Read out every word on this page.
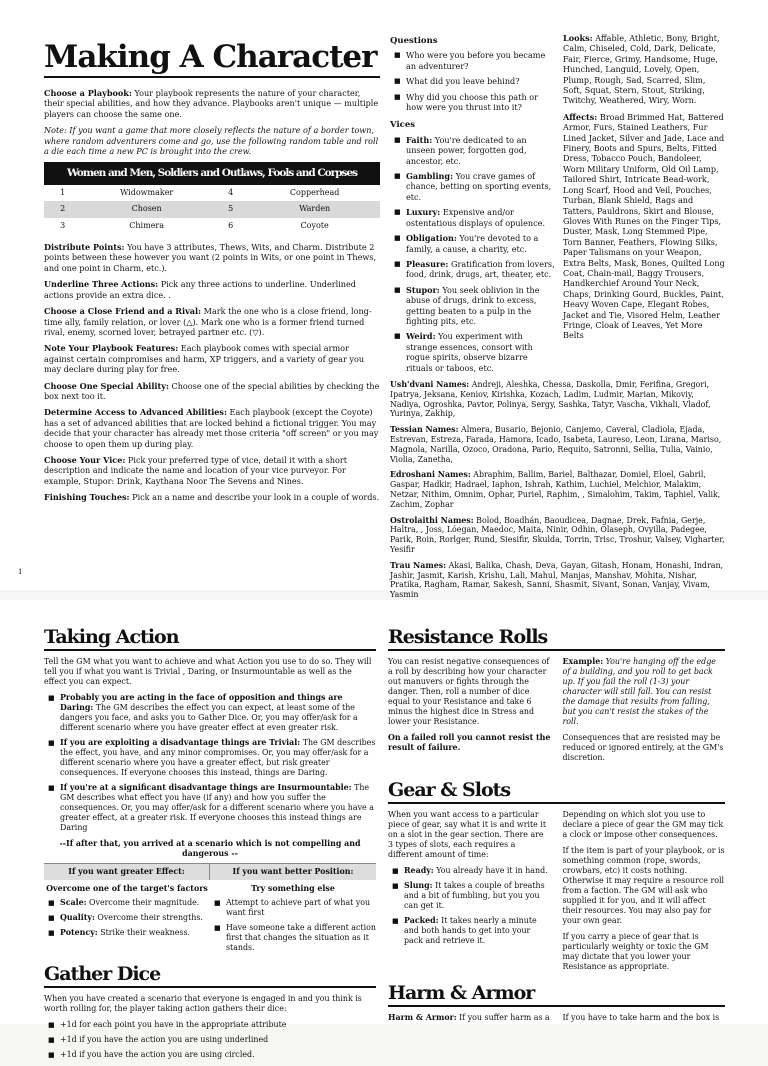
Making A Character

Choose a Playbook: Your playbook represents the nature of your character, their special abilities, and how they advance. Playbooks aren't unique — multiple players can choose the same one.

Note: If you want a game that more closely reflects the nature of a border town, where random adventurers come and go, use the following random table and roll a die each time a new PC is brought into the crew.

Women and Men, Soldiers and Outlaws, Fools and Corpses
1	Widowmaker	4	Copperhead
2	Chosen	5	Warden
3	Chimera	6	Coyote

Distribute Points: You have 3 attributes, Thews, Wits, and Charm. Distribute 2 points between these however you want (2 points in Wits, or one point in Thews, and one point in Charm, etc.).

Underline Three Actions: Pick any three actions to underline. Underlined actions provide an extra dice. .

Choose a Close Friend and a Rival: Mark the one who is a close friend, long-time ally, family relation, or lover (△). Mark one who is a former friend turned rival, enemy, scorned lover, betrayed partner etc. (▽).

Note Your Playbook Features: Each playbook comes with special armor against certain compromises and harm, XP triggers, and a variety of gear you may declare during play for free.

Choose One Special Ability: Choose one of the special abilities by checking the box next too it.

Determine Access to Advanced Abilities: Each playbook (except the Coyote) has a set of advanced abilities that are locked behind a fictional trigger. You may decide that your character has already met those criteria "off screen" or you may choose to open them up during play.

Choose Your Vice: Pick your preferred type of vice, detail it with a short description and indicate the name and location of your vice purveyor. For example, Stupor: Drink, Kaythana Noor The Sevens and Nines.

Finishing Touches: Pick an a name and describe your look in a couple of words.

Questions
■ Who were you before you became an adventurer?
■ What did you leave behind?
■ Why did you choose this path or how were you thrust into it?
Vices
■ Faith: You're dedicated to an unseen power, forgotten god, ancestor, etc.
■ Gambling: You crave games of chance, betting on sporting events, etc.
■ Luxury: Expensive and/or ostentatious displays of opulence.
■ Obligation: You're devoted to a family, a cause, a charity, etc.
■ Pleasure: Gratification from lovers, food, drink, drugs, art, theater, etc.
■ Stupor: You seek oblivion in the abuse of drugs, drink to excess, getting beaten to a pulp in the fighting pits, etc.
■ Weird: You experiment with strange essences, consort with rogue spirits, observe bizarre rituals or taboos, etc.

Looks: Affable, Athletic, Bony, Bright, Calm, Chiseled, Cold, Dark, Delicate, Fair, Fierce, Grimy, Handsome, Huge, Hunched, Languid, Lovely, Open, Plump, Rough, Sad, Scarred, Slim, Soft, Squat, Stern, Stout, Striking, Twitchy, Weathered, Wiry, Worn.

Affects: Broad Brimmed Hat, Battered Armor, Furs, Stained Leathers, Fur Lined Jacket, Silver and Jade, Lace and Finery, Boots and Spurs, Belts, Fitted Dress, Tobacco Pouch, Bandoleer, Worn Military Uniform, Old Oil Lamp, Tailored Shirt, Intricate Bead-work, Long Scarf, Hood and Veil, Pouches, Turban, Blank Shield, Rags and Tatters, Pauldrons, Skirt and Blouse, Gloves With Runes on the Finger Tips, Duster, Mask, Long Stemmed Pipe, Torn Banner, Feathers, Flowing Silks, Paper Talismans on your Weapon, Extra Belts, Mask, Bones, Quilted Long Coat, Chain-mail, Baggy Trousers, Handkerchief Around Your Neck, Chaps, Drinking Gourd, Buckles, Paint, Heavy Woven Cape, Elegant Robes, Jacket and Tie, Visored Helm, Leather Fringe, Cloak of Leaves, Yet More Belts

Ush'dvani Names: Andreji, Aleshka, Chessa, Daskolla, Dmir, Ferifina, Gregori, Ipatrya, Jeksana, Keniov, Kirishka, Kozach, Ladim, Ludmir, Marian, Mikoviy, Nadiya, Ogroshka, Pavtor, Polinya, Sergy, Sashka, Tatyr, Vascha, Vikhali, Vladof, Yurinya, Zakhip,

Tessian Names: Almera, Busario, Bejonio, Canjemo, Caveral, Cladiola, Ejada, Estrevan, Estreza, Farada, Hamora, Icado, Isabeta, Laureso, Leon, Lirana, Mariso, Magnola, Narilla, Ozoco, Oradona, Pario, Requito, Satronni, Sellia, Tulia, Vainio, Violia, Zanetha,

Edroshani Names: Abraphim, Ballim, Bariel, Balthazar, Domiel, Eloel, Gabril, Gaspar, Hadkir, Hadrael, Iaphon, Ishrah, Kathim, Luchiel, Melchior, Malakim, Netzar, Nithim, Omnim, Ophar, Puriel, Raphim, , Simalohim, Takim, Taphiel, Valik, Zachim, Zophar

Ostrolaithi Names: Bolod, Boadhán, Baoudicea, Dagnae, Drek, Fafnia, Gerje, Haltra, , Joss, Lóegan, Maedoc, Maita, Ninir, Odhin, Olaseph, Ovyilla, Padegee, Parik, Roin, Rorlger, Rund, Siesifir, Skulda, Torrin, Trisc, Troshur, Valsey, Vigharter, Yesifir

Trau Names: Akasi, Balika, Chash, Deva, Gayan, Gitash, Honam, Honashi, Indran, Jashir, Jasmit, Karish, Krishu, Lali, Mahul, Manjas, Manshav, Mohita, Nishar, Pratika, Ragham, Ramar, Sakesh, Sanni, Shasmit, Sivant, Sonan, Vanjay, Vivam, Yasmin

1
Taking Action

Tell the GM what you want to achieve and what Action you use to do so. They will tell you if what you want is Trivial , Daring, or Insurmountable as well as the effect you can expect.

■ Probably you are acting in the face of opposition and things are Daring: The GM describes the effect you can expect, at least some of the dangers you face, and asks you to Gather Dice. Or, you may offer/ask for a different scenario where you have greater effect at even greater risk.
■ If you are exploiting a disadvantage things are Trivial: The GM describes the effect, you have, and any minor compromises. Or, you may offer/ask for a different scenario where you have a greater effect, but risk greater consequences. If everyone chooses this instead, things are Daring.
■ If you're at a significant disadvantage things are Insurmountable: The GM describes what effect you have (if any) and how you suffer the consequences. Or, you may offer/ask for a different scenario where you have a greater effect, at a greater risk. If everyone chooses this instead things are Daring
--If after that, you arrived at a scenario which is not compelling and dangerous --
If you want greater Effect:
Overcome one of the target's factors
■ Scale: Overcome their magnitude.
■ Quality: Overcome their strengths.
■ Potency: Strike their weakness.
If you want better Position:
Try something else
■ Attempt to achieve part of what you want first
■ Have someone take a different action first that changes the situation as it stands.
Gather Dice

When you have created a scenario that everyone is engaged in and you think is worth rolling for, the player taking action gathers their dice:

■ +1d for each point you have in the appropriate attribute
■ +1d if you have the action you are using underlined
■ +1d if you have the action you are using circled.
Resistance Rolls

You can resist negative consequences of a roll by describing how your character out manuvers or fights through the danger. Then, roll a number of dice equal to your Resistance and take 6 minus the highest dice in Stress and lower your Resistance.

On a failed roll you cannot resist the result of failure.

Example: You're hanging off the edge of a building, and you roll to get back up. If you fail the roll (1-3) your character will still fall. You can resist the damage that results from falling, but you can't resist the stakes of the roll.

Consequences that are resisted may be reduced or ignored entirely, at the GM's discretion.

Gear & Slots

When you want access to a particular piece of gear, say what it is and write it on a slot in the gear section. There are 3 types of slots, each requires a different amount of time:

■ Ready: You already have it in hand.
■ Slung: It takes a couple of breaths and a bit of fumbling, but you you can get it.
■ Packed: It takes nearly a minute and both hands to get into your pack and retrieve it.

Depending on which slot you use to declare a piece of gear the GM may tick a clock or impose other consequences.

If the item is part of your playbook, or is something common (rope, swords, crowbars, etc) it costs nothing. Otherwise it may require a resource roll from a faction. The GM will ask who supplied it for you, and it will affect their resources. You may also pay for your own gear.

If you carry a piece of gear that is particularly weighty or toxic the GM may dictate that you lower your Resistance as appropriate.

Harm & Armor

Harm & Armor: If you suffer harm as a If you have to take harm and the box is
